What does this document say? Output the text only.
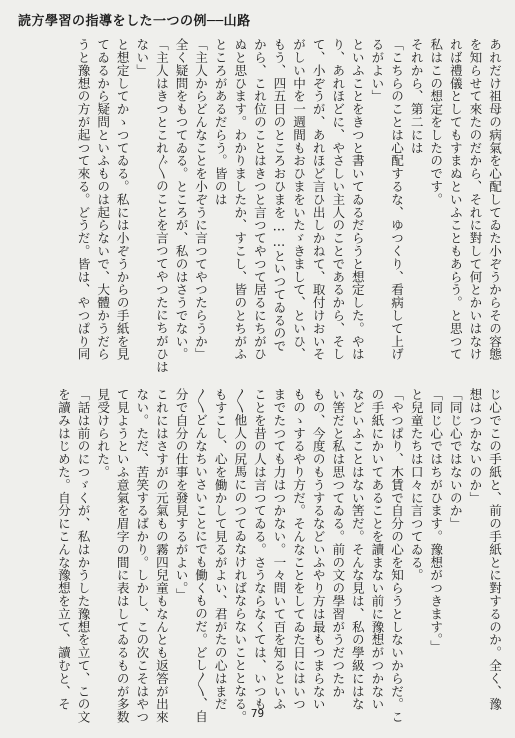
読方學習の指導をした一つの例──山路
あれだけ祖母の病氣を心配してゐた小ぞうからその容態
を知らせて來たのだから、それに對して何とかいはなけ
れば禮儀としてもすまぬといふこともあらう。と思つて
私はこの想定をしたのです。
それから、第二には
「こちらのことは心配するな、ゆつくり、看病して上げ
るがよい」
といふことをきつと書いてゐるだらうと想定した。やは
り、あれほどに、やさしい主人のことであるから、そし
て、小ぞうが、あれほど言ひ出しかねて、取付けおいそ
がしい中を一週間もおひまをいたゞきまして、といひ、
もう、四五日のところおひまを……といつてゐるので
から、これ位のことはきつと言つてやつて居るにちがひ
ぬと思ひます。わかりましたか、すこし、皆のとちがふ
ところがあるだらう。皆のは
「主人からどんなことを小ぞうに言つてやつたらうか」
全く疑問をもつてゐる。ところが、私のはさうでない。
「主人はきつとこれ〲のことを言つてやつたにちがひは
ない」
と想定してかゝつてゐる。私には小ぞうからの手紙を見
てゐるから疑問といふものは起らないで、大體かうだら
うと豫想の方が起つて來る。どうだ。皆は、やつぱり同
じ心でこの手紙と、前の手紙とに對するのか。全く、豫
想はつかないのか」
「同じ心ではないのか」
「同じ心ではちがひます。豫想がつきます。」
と兒童たちは口々に言つてゐる。
「やつぱり、木賃で自分の心を知らうとしないからだ。こ
の手紙にかいてあることを讀まない前に豫想がつかない
などいふことはない筈だ。そんな見は、私の學級にはな
い筈だと私は思つてゐる。前の文の學習がうだつたか
もの、今度のもうするなどいふやり方は最もつまらない
ものゝするやり方だ。そんなことをしてゐた日にはいつ
までたつても力はつかない。一々問いて百を知るといふ
ことを昔の人は言つてゐる。さうならなくては、いつも
〱他人の尻馬にのつてゐなければならないこととなる。
もすこし、心を働かして見るがよい、君がたの心はまだ
〱どんなちいさいことにでも働くものだ。どし〱、自
分で自分の仕事を發見するがよい。」
これにはさすがの元氣もの霧四兒童もなんとも返答が出來
ない。ただ、苦笑するばかり。しかし、この次こそはやつ
て見ようといふ意氣を眉字の間に表はしてゐるものが多数
見受けられた。
「話は前のにつゞくが、私はかうした豫想を立て、この文
を讀みはじめた。自分にこんな豫想を立て、讀むと、そ
79
